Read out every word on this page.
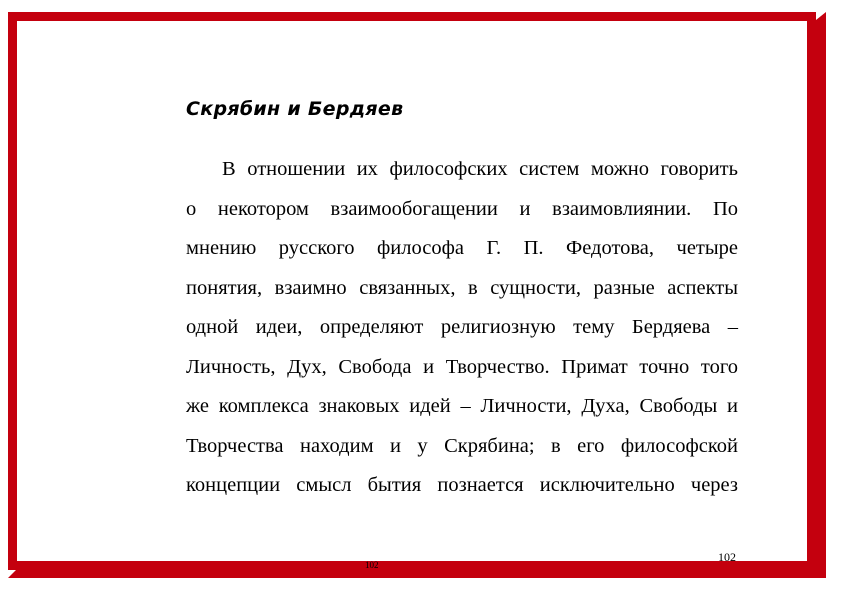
Скрябин и Бердяев
В отношении их философских систем можно говорить
о некотором взаимообогащении и взаимовлиянии. По
мнению русского философа Г. П. Федотова, четыре
понятия, взаимно связанных, в сущности, разные аспекты
одной идеи, определяют религиозную тему Бердяева –
Личность, Дух, Свобода и Творчество. Примат точно того
же комплекса знаковых идей – Личности, Духа, Свободы и
Творчества находим и у Скрябина; в его философской
концепции смысл бытия познается исключительно через
102
102
